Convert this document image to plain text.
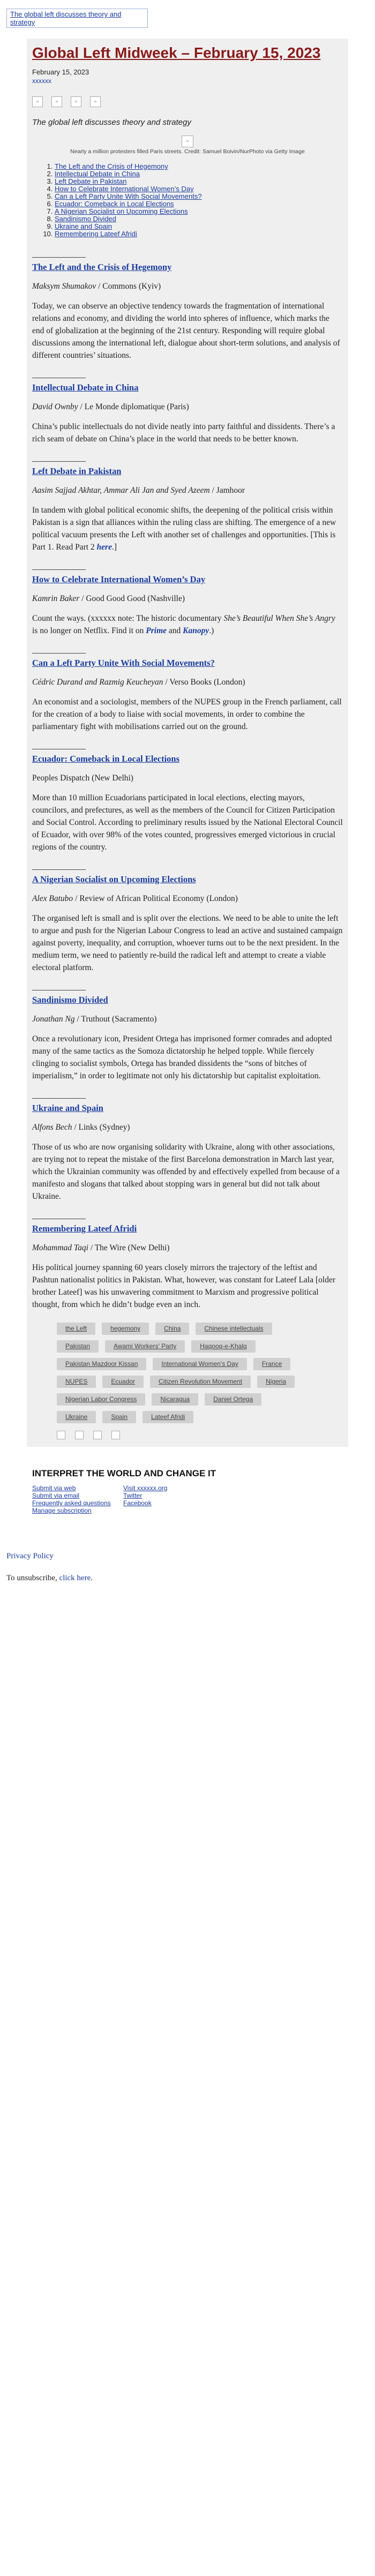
The global left discusses theory and strategy
Global Left Midweek – February 15, 2023
February 15, 2023
xxxxxx
▫	▫	▫	▫
The global left discusses theory and strategy
▫
Nearly a million protesters filled Paris streets. Credit: Samuel Boivin/NurPhoto via Getty Image
1. The Left and the Crisis of Hegemony
2. Intellectual Debate in China
3. Left Debate in Pakistan
4. How to Celebrate International Women’s Day
5. Can a Left Party Unite With Social Movements?
6. Ecuador: Comeback in Local Elections
7. A Nigerian Socialist on Upcoming Elections
8. Sandinismo Divided
9. Ukraine and Spain
10. Remembering Lateef Afridi
The Left and the Crisis of Hegemony
Maksym Shumakov / Commons (Kyiv)

Today, we can observe an objective tendency towards the fragmentation of international relations and economy, and dividing the world into spheres of influence, which marks the end of globalization at the beginning of the 21st century. Responding will require global discussions among the international left, dialogue about short-term solutions, and analysis of different countries’ situations.

Intellectual Debate in China
David Ownby / Le Monde diplomatique (Paris)

China’s public intellectuals do not divide neatly into party faithful and dissidents. There’s a rich seam of debate on China’s place in the world that needs to be better known.

Left Debate in Pakistan
Aasim Sajjad Akhtar, Ammar Ali Jan and Syed Azeem / Jamhoor

In tandem with global political economic shifts, the deepening of the political crisis within Pakistan is a sign that alliances within the ruling class are shifting. The emergence of a new political vacuum presents the Left with another set of challenges and opportunities. [This is Part 1. Read Part 2 here.]

How to Celebrate International Women’s Day
Kamrin Baker / Good Good Good (Nashville)

Count the ways. (xxxxxx note: The historic documentary She’s Beautiful When She’s Angry is no longer on Netflix. Find it on Prime and Kanopy.)

Can a Left Party Unite With Social Movements?
Cédric Durand and Razmig Keucheyan / Verso Books (London)

An economist and a sociologist, members of the NUPES group in the French parliament, call for the creation of a body to liaise with social movements, in order to combine the parliamentary fight with mobilisations carried out on the ground.

Ecuador: Comeback in Local Elections
Peoples Dispatch (New Delhi)

More than 10 million Ecuadorians participated in local elections, electing mayors, councilors, and prefectures, as well as the members of the Council for Citizen Participation and Social Control. According to preliminary results issued by the National Electoral Council of Ecuador, with over 98% of the votes counted, progressives emerged victorious in crucial regions of the country.

A Nigerian Socialist on Upcoming Elections
Alex Batubo / Review of African Political Economy (London)

The organised left is small and is split over the elections. We need to be able to unite the left to argue and push for the Nigerian Labour Congress to lead an active and sustained campaign against poverty, inequality, and corruption, whoever turns out to be the next president. In the medium term, we need to patiently re-build the radical left and attempt to create a viable electoral platform.

Sandinismo Divided
Jonathan Ng / Truthout (Sacramento)

Once a revolutionary icon, President Ortega has imprisoned former comrades and adopted many of the same tactics as the Somoza dictatorship he helped topple. While fiercely clinging to socialist symbols, Ortega has branded dissidents the “sons of bitches of imperialism,” in order to legitimate not only his dictatorship but capitalist exploitation.

Ukraine and Spain
Alfons Bech / Links (Sydney)

Those of us who are now organising solidarity with Ukraine, along with other associations, are trying not to repeat the mistake of the first Barcelona demonstration in March last year, which the Ukrainian community was offended by and effectively expelled from because of a manifesto and slogans that talked about stopping wars in general but did not talk about Ukraine.

Remembering Lateef Afridi
Mohammad Taqi / The Wire (New Delhi)

His political journey spanning 60 years closely mirrors the trajectory of the leftist and Pashtun nationalist politics in Pakistan. What, however, was constant for Lateef Lala [older brother Lateef] was his unwavering commitment to Marxism and progressive political thought, from which he didn’t budge even an inch.

the Left	hegemony	China	Chinese intellectuals
Pakistan	Awami Workers' Party	Haqooq-e-Khalq
Pakistan Mazdoor Kissan	International Women's Day	France
NUPES	Ecuador	Citizen Revolution Movement	Nigeria
Nigerian Labor Congress	Nicaragua	Daniel Ortega
Ukraine	Spain	Lateef Afridi
INTERPRET THE WORLD AND CHANGE IT
Submit via web	Visit xxxxxx.org
Submit via email	Twitter
Frequently asked questions	Facebook
Manage subscription
Privacy Policy
To unsubscribe, click here.
